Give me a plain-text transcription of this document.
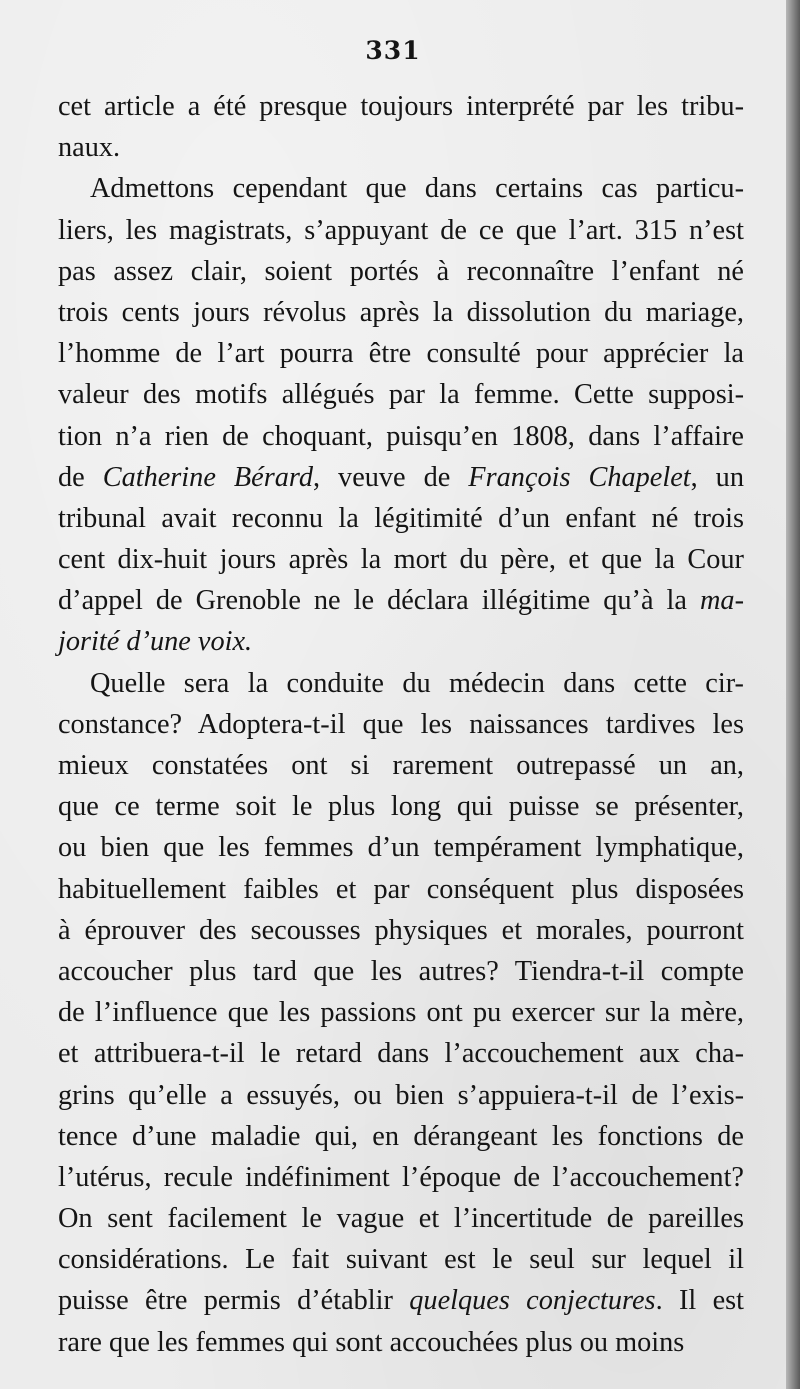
331
cet article a été presque toujours interprété par les tribu-
naux.
Admettons cependant que dans certains cas particu-
liers, les magistrats, s’appuyant de ce que l’art. 315 n’est
pas assez clair, soient portés à reconnaître l’enfant né
trois cents jours révolus après la dissolution du mariage,
l’homme de l’art pourra être consulté pour apprécier la
valeur des motifs allégués par la femme. Cette supposi-
tion n’a rien de choquant, puisqu’en 1808, dans l’affaire
de Catherine Bérard, veuve de François Chapelet, un
tribunal avait reconnu la légitimité d’un enfant né trois
cent dix-huit jours après la mort du père, et que la Cour
d’appel de Grenoble ne le déclara illégitime qu’à la ma-
jorité d’une voix.
Quelle sera la conduite du médecin dans cette cir-
constance? Adoptera-t-il que les naissances tardives les
mieux constatées ont si rarement outrepassé un an,
que ce terme soit le plus long qui puisse se présenter,
ou bien que les femmes d’un tempérament lymphatique,
habituellement faibles et par conséquent plus disposées
à éprouver des secousses physiques et morales, pourront
accoucher plus tard que les autres? Tiendra-t-il compte
de l’influence que les passions ont pu exercer sur la mère,
et attribuera-t-il le retard dans l’accouchement aux cha-
grins qu’elle a essuyés, ou bien s’appuiera-t-il de l’exis-
tence d’une maladie qui, en dérangeant les fonctions de
l’utérus, recule indéfiniment l’époque de l’accouchement?
On sent facilement le vague et l’incertitude de pareilles
considérations. Le fait suivant est le seul sur lequel il
puisse être permis d’établir quelques conjectures. Il est
rare que les femmes qui sont accouchées plus ou moins
